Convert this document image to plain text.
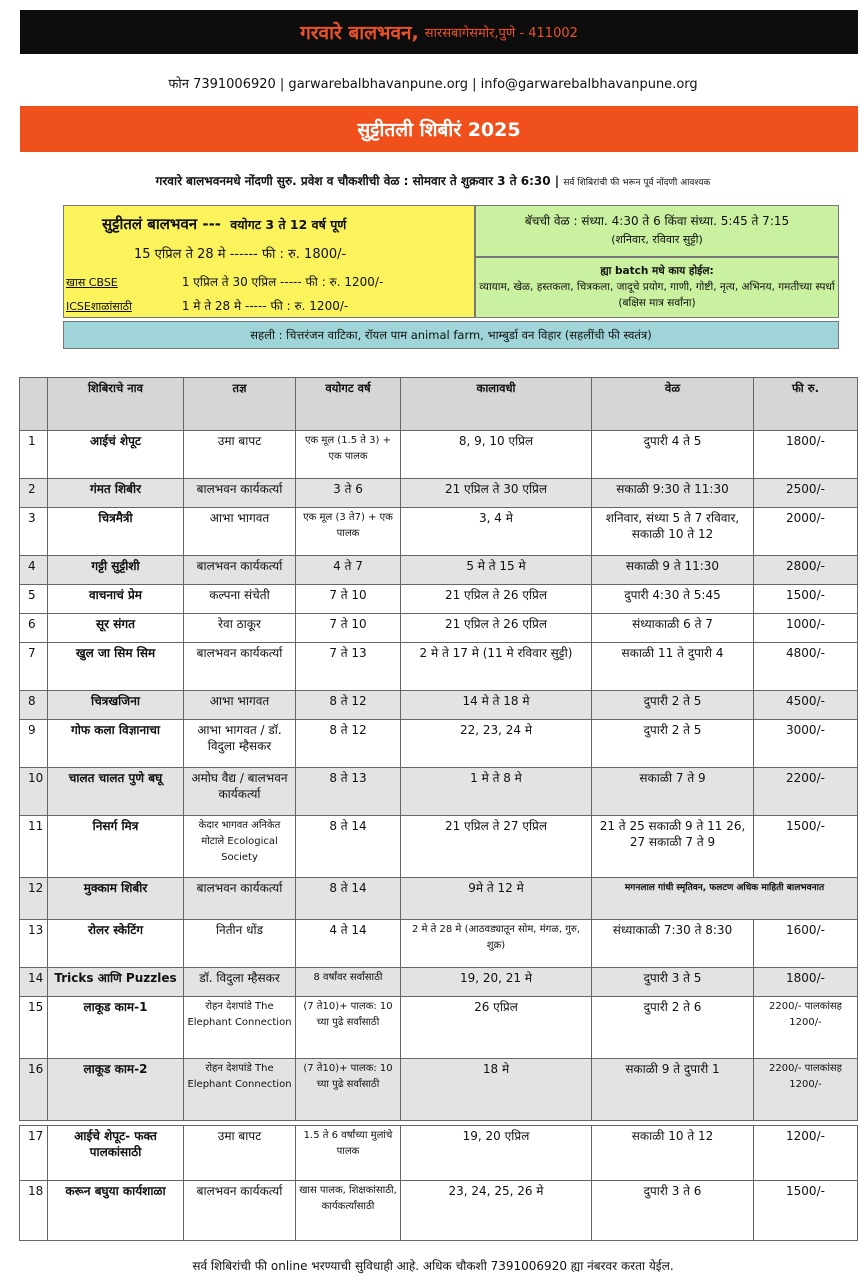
गरवारे बालभवन, सारसबागेसमोर,पुणे - 411002
फोन 7391006920 | garwarebalbhavanpune.org | info@garwarebalbhavanpune.org
सुट्टीतली शिबीरं 2025
गरवारे बालभवनमधे नोंदणी सुरु. प्रवेश व चौकशीची वेळ : सोमवार ते शुक्रवार 3 ते 6:30 | सर्व शिबिरांची फी भरून पूर्व नोंदणी आवश्यक
सुट्टीतलं बालभवन --- वयोगट 3 ते 12 वर्ष पूर्ण
15 एप्रिल ते 28 मे ------ फी : रु. 1800/-
खास CBSE	1 एप्रिल ते 30 एप्रिल ----- फी : रु. 1200/-
ICSEशाळांसाठी	1 मे ते 28 मे ----- फी : रु. 1200/-
बॅचची वेळ : संध्या. 4:30 ते 6 किंवा संध्या. 5:45 ते 7:15
(शनिवार, रविवार सुट्टी)
ह्या batch मधे काय होईल:
व्यायाम, खेळ, हस्तकला, चित्रकला, जादूचे प्रयोग, गाणी, गोष्टी, नृत्य, अभिनय, गमतीच्या स्पर्धा (बक्षिस मात्र सर्वांना)
सहली : चित्तरंजन वाटिका, रॉयल पाम animal farm, भाम्बुर्डा वन विहार (सहलींची फी स्वतंत्र)
	शिबिराचे नाव	तज्ञ	वयोगट वर्ष	कालावधी	वेळ	फी रु.
1	आईचं शेपूट	उमा बापट	एक मूल (1.5 ते 3) + एक पालक	8, 9, 10 एप्रिल	दुपारी 4 ते 5	1800/-
2	गंमत शिबीर	बालभवन कार्यकर्त्या	3 ते 6	21 एप्रिल ते 30 एप्रिल	सकाळी 9:30 ते 11:30	2500/-
3	चित्रमैत्री	आभा भागवत	एक मूल (3 ते7) + एक पालक	3, 4 मे	शनिवार, संध्या 5 ते 7 रविवार, सकाळी 10 ते 12	2000/-
4	गट्टी सुट्टीशी	बालभवन कार्यकर्त्या	4 ते 7	5 मे ते 15 मे	सकाळी 9 ते 11:30	2800/-
5	वाचनाचं प्रेम	कल्पना संचेती	7 ते 10	21 एप्रिल ते 26 एप्रिल	दुपारी 4:30 ते 5:45	1500/-
6	सूर संगत	रेवा ठाकूर	7 ते 10	21 एप्रिल ते 26 एप्रिल	संध्याकाळी 6 ते 7	1000/-
7	खुल जा सिम सिम	बालभवन कार्यकर्त्या	7 ते 13	2 मे ते 17 मे (11 मे रविवार सुट्टी)	सकाळी 11 ते दुपारी 4	4800/-
8	चित्रखजिना	आभा भागवत	8 ते 12	14 मे ते 18 मे	दुपारी 2 ते 5	4500/-
9	गोफ कला विज्ञानाचा	आभा भागवत / डॉ. विदुला म्हैसकर	8 ते 12	22, 23, 24 मे	दुपारी 2 ते 5	3000/-
10	चालत चालत पुणे बघू	अमोघ वैद्य / बालभवन कार्यकर्त्या	8 ते 13	1 मे ते 8 मे	सकाळी 7 ते 9	2200/-
11	निसर्ग मित्र	केदार भागवत अनिकेत मोटाले Ecological Society	8 ते 14	21 एप्रिल ते 27 एप्रिल	21 ते 25 सकाळी 9 ते 11 26, 27 सकाळी 7 ते 9	1500/-
12	मुक्काम शिबीर	बालभवन कार्यकर्त्या	8 ते 14	9मे ते 12 मे	मगनलाल गांधी स्मृतिवन, फलटण अधिक माहिती बालभवनात	
13	रोलर स्केटिंग	नितीन धोंड	4 ते 14	2 मे ते 28 मे (आठवड्यातून सोम, मंगळ, गुरु, शुक्र)	संध्याकाळी 7:30 ते 8:30	1600/-
14	Tricks आणि Puzzles	डॉ. विदुला म्हैसकर	8 वर्षांवर सर्वांसाठी	19, 20, 21 मे	दुपारी 3 ते 5	1800/-
15	लाकूड काम-1	रोहन देशपांडे The Elephant Connection	(7 ते10)+ पालक: 10 च्या पुढे सर्वांसाठी	26 एप्रिल	दुपारी 2 ते 6	2200/- पालकांसह 1200/-
16	लाकूड काम-2	रोहन देशपांडे The Elephant Connection	(7 ते10)+ पालक: 10 च्या पुढे सर्वांसाठी	18 मे	सकाळी 9 ते दुपारी 1	2200/- पालकांसह 1200/-

17	आईचे शेपूट- फक्त पालकांसाठी	उमा बापट	1.5 ते 6 वर्षांच्या मुलांचे पालक	19, 20 एप्रिल	सकाळी 10 ते 12	1200/-
18	करून बघुया कार्यशाळा	बालभवन कार्यकर्त्या	खास पालक, शिक्षकांसाठी, कार्यकर्त्यांसाठी	23, 24, 25, 26 मे	दुपारी 3 ते 6	1500/-
सर्व शिबिरांची फी online भरण्याची सुविधाही आहे. अधिक चौकशी 7391006920 ह्या नंबरवर करता येईल.
